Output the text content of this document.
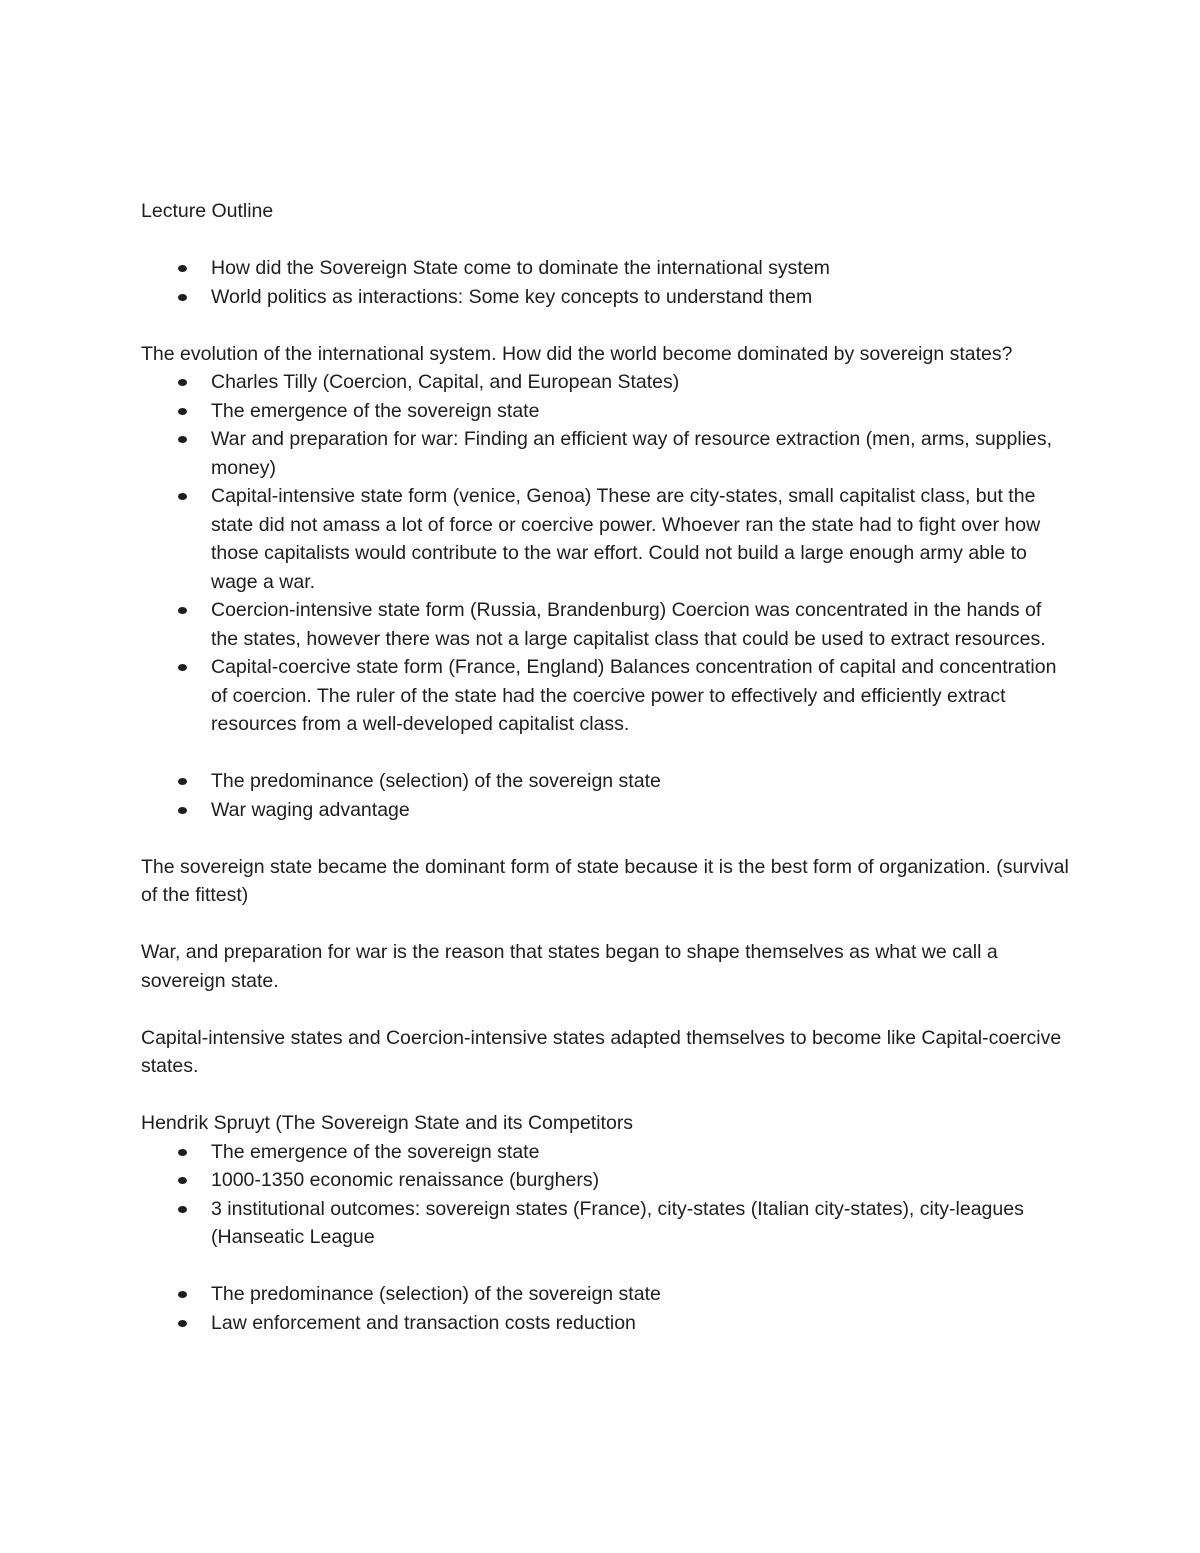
Lecture Outline

How did the Sovereign State come to dominate the international system
World politics as interactions: Some key concepts to understand them

The evolution of the international system. How did the world become dominated by sovereign states?

Charles Tilly (Coercion, Capital, and European States)
The emergence of the sovereign state
War and preparation for war: Finding an efficient way of resource extraction (men, arms, supplies, money)
Capital-intensive state form (venice, Genoa) These are city-states, small capitalist class, but the state did not amass a lot of force or coercive power. Whoever ran the state had to fight over how those capitalists would contribute to the war effort. Could not build a large enough army able to wage a war.
Coercion-intensive state form (Russia, Brandenburg) Coercion was concentrated in the hands of the states, however there was not a large capitalist class that could be used to extract resources.
Capital-coercive state form (France, England) Balances concentration of capital and concentration of coercion. The ruler of the state had the coercive power to effectively and efficiently extract resources from a well-developed capitalist class.
The predominance (selection) of the sovereign state
War waging advantage

The sovereign state became the dominant form of state because it is the best form of organization. (survival of the fittest)

War, and preparation for war is the reason that states began to shape themselves as what we call a sovereign state.

Capital-intensive states and Coercion-intensive states adapted themselves to become like Capital-coercive states.

Hendrik Spruyt (The Sovereign State and its Competitors

The emergence of the sovereign state
1000-1350 economic renaissance (burghers)
3 institutional outcomes: sovereign states (France), city-states (Italian city-states), city-leagues (Hanseatic League
The predominance (selection) of the sovereign state
Law enforcement and transaction costs reduction
